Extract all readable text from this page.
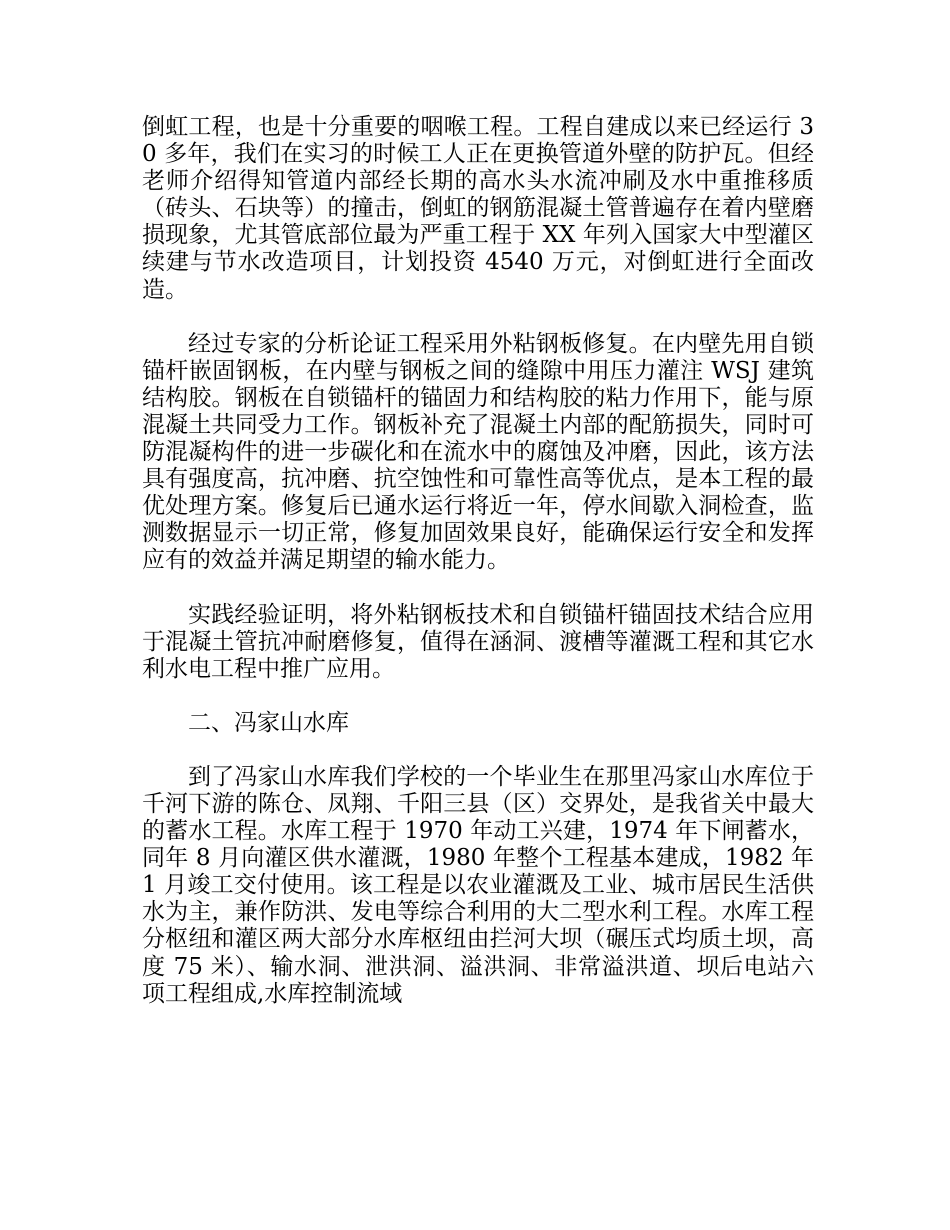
倒虹工程，也是十分重要的咽喉工程。工程自建成以来已经运行 30 多年，我们在实习的时候工人正在更换管道外壁的防护瓦。但经老师介绍得知管道内部经长期的高水头水流冲刷及水中重推移质（砖头、石块等）的撞击，倒虹的钢筋混凝土管普遍存在着内壁磨损现象，尤其管底部位最为严重工程于 XX 年列入国家大中型灌区续建与节水改造项目，计划投资 4540 万元，对倒虹进行全面改造。

经过专家的分析论证工程采用外粘钢板修复。在内壁先用自锁锚杆嵌固钢板，在内壁与钢板之间的缝隙中用压力灌注 WSJ 建筑结构胶。钢板在自锁锚杆的锚固力和结构胶的粘力作用下，能与原混凝土共同受力工作。钢板补充了混凝土内部的配筋损失，同时可防混凝构件的进一步碳化和在流水中的腐蚀及冲磨，因此，该方法具有强度高，抗冲磨、抗空蚀性和可靠性高等优点，是本工程的最优处理方案。修复后已通水运行将近一年，停水间歇入洞检查，监测数据显示一切正常，修复加固效果良好，能确保运行安全和发挥应有的效益并满足期望的输水能力。

实践经验证明，将外粘钢板技术和自锁锚杆锚固技术结合应用于混凝土管抗冲耐磨修复，值得在涵洞、渡槽等灌溉工程和其它水利水电工程中推广应用。

二、冯家山水库

到了冯家山水库我们学校的一个毕业生在那里冯家山水库位于千河下游的陈仓、凤翔、千阳三县（区）交界处，是我省关中最大的蓄水工程。水库工程于 1970 年动工兴建，1974 年下闸蓄水，同年 8 月向灌区供水灌溉，1980 年整个工程基本建成，1982 年 1 月竣工交付使用。该工程是以农业灌溉及工业、城市居民生活供水为主，兼作防洪、发电等综合利用的大二型水利工程。水库工程分枢纽和灌区两大部分水库枢纽由拦河大坝（碾压式均质土坝，高度 75 米）、输水洞、泄洪洞、溢洪洞、非常溢洪道、坝后电站六项工程组成,水库控制流域
